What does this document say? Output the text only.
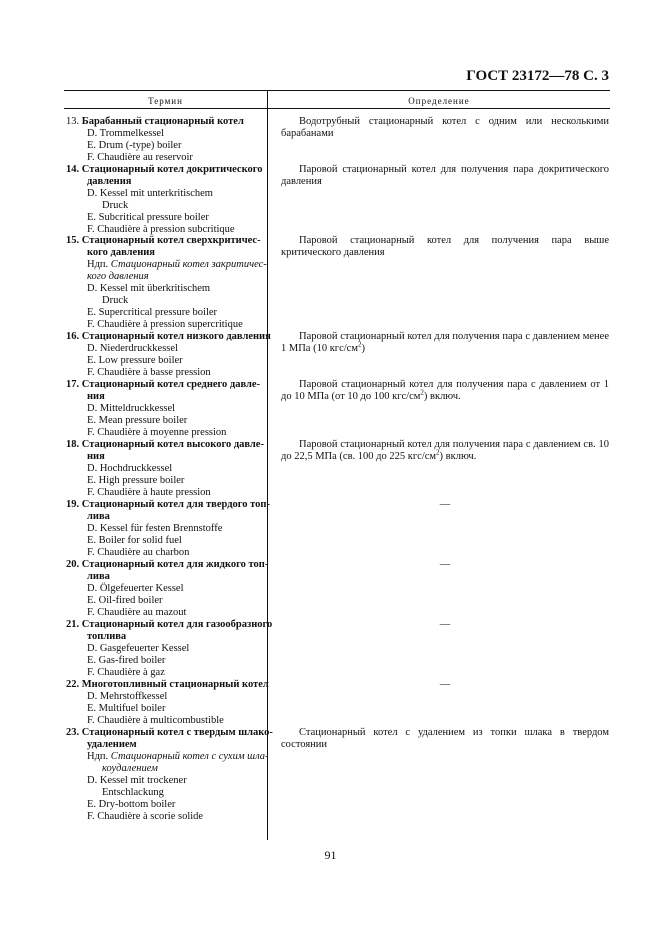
ГОСТ 23172—78 С. 3
Термин	Определение
13. Барабанный стационарный котел
D. Trommelkessel
E. Drum (-type) boiler
F. Chaudière au reservoir
Водотрубный стационарный котел с одним или несколькими барабанами
14. Стационарный котел докритического
давления
D. Kessel mit unterkritischem
Druck
E. Subcritical pressure boiler
F. Chaudière à pression subcritique
Паровой стационарный котел для получения пара докритического давления
15. Стационарный котел сверхкритичес-
кого давления
Ндп. Стационарный котел закритичес-
кого давления
D. Kessel mit überkritischem
Druck
E. Supercritical pressure boiler
F. Chaudière à pression supercritique
Паровой стационарный котел для получения пара выше критического давления
16. Стационарный котел низкого давления
D. Niederdruckkessel
E. Low pressure boiler
F. Chaudière à basse pression
Паровой стационарный котел для получения пара с давлением менее 1 МПа (10 кгс/$см^2$)
17. Стационарный котел среднего давле-
ния
D. Mitteldruckkessel
E. Mean pressure boiler
F. Chaudière à moyenne pression
Паровой стационарный котел для получения пара с давлением от 1 до 10 МПа (от 10 до 100 кгс/$см^2$) включ.
18. Стационарный котел высокого давле-
ния
D. Hochdruckkessel
E. High pressure boiler
F. Chaudière à haute pression
Паровой стационарный котел для получения пара с давлением св. 10 до 22,5 МПа (св. 100 до 225 кгс/$см^2$) включ.
19. Стационарный котел для твердого топ-
лива
D. Kessel für festen Brennstoffe
E. Boiler for solid fuel
F. Chaudière au charbon
—
20. Стационарный котел для жидкого топ-
лива
D. Ölgefeuerter Kessel
E. Oil-fired boiler
F. Chaudière au mazout
—
21. Стационарный котел для газообразного
топлива
D. Gasgefeuerter Kessel
E. Gas-fired boiler
F. Chaudière à gaz
—
22. Многотопливный стационарный котел
D. Mehrstoffkessel
E. Multifuel boiler
F. Chaudière à multicombustible
—
23. Стационарный котел с твердым шлако-
удалением
Ндп. Стационарный котел с сухим шла-
коудалением
D. Kessel mit trockener
Entschlackung
E. Dry-bottom boiler
F. Chaudière à scorie solide
Стационарный котел с удалением из топки шлака в твердом состоянии
91
